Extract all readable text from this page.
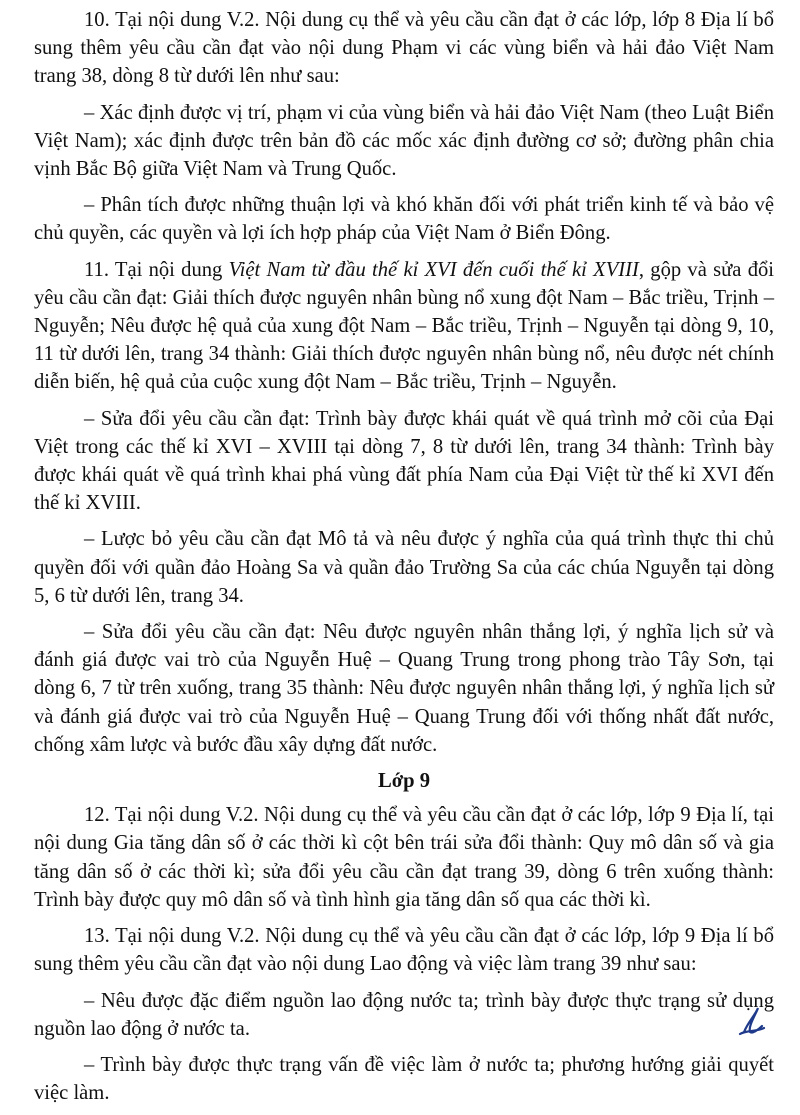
10. Tại nội dung V.2. Nội dung cụ thể và yêu cầu cần đạt ở các lớp, lớp 8 Địa lí bổ sung thêm yêu cầu cần đạt vào nội dung Phạm vi các vùng biển và hải đảo Việt Nam trang 38, dòng 8 từ dưới lên như sau:

– Xác định được vị trí, phạm vi của vùng biển và hải đảo Việt Nam (theo Luật Biển Việt Nam); xác định được trên bản đồ các mốc xác định đường cơ sở; đường phân chia vịnh Bắc Bộ giữa Việt Nam và Trung Quốc.

– Phân tích được những thuận lợi và khó khăn đối với phát triển kinh tế và bảo vệ chủ quyền, các quyền và lợi ích hợp pháp của Việt Nam ở Biển Đông.

11. Tại nội dung Việt Nam từ đầu thế kỉ XVI đến cuối thế kỉ XVIII, gộp và sửa đổi yêu cầu cần đạt: Giải thích được nguyên nhân bùng nổ xung đột Nam – Bắc triều, Trịnh – Nguyễn; Nêu được hệ quả của xung đột Nam – Bắc triều, Trịnh – Nguyễn tại dòng 9, 10, 11 từ dưới lên, trang 34 thành: Giải thích được nguyên nhân bùng nổ, nêu được nét chính diễn biến, hệ quả của cuộc xung đột Nam – Bắc triều, Trịnh – Nguyễn.

– Sửa đổi yêu cầu cần đạt: Trình bày được khái quát về quá trình mở cõi của Đại Việt trong các thế kỉ XVI – XVIII tại dòng 7, 8 từ dưới lên, trang 34 thành: Trình bày được khái quát về quá trình khai phá vùng đất phía Nam của Đại Việt từ thế kỉ XVI đến thế kỉ XVIII.

– Lược bỏ yêu cầu cần đạt Mô tả và nêu được ý nghĩa của quá trình thực thi chủ quyền đối với quần đảo Hoàng Sa và quần đảo Trường Sa của các chúa Nguyễn tại dòng 5, 6 từ dưới lên, trang 34.

– Sửa đổi yêu cầu cần đạt: Nêu được nguyên nhân thắng lợi, ý nghĩa lịch sử và đánh giá được vai trò của Nguyễn Huệ – Quang Trung trong phong trào Tây Sơn, tại dòng 6, 7 từ trên xuống, trang 35 thành: Nêu được nguyên nhân thắng lợi, ý nghĩa lịch sử và đánh giá được vai trò của Nguyễn Huệ – Quang Trung đối với thống nhất đất nước, chống xâm lược và bước đầu xây dựng đất nước.

Lớp 9

12. Tại nội dung V.2. Nội dung cụ thể và yêu cầu cần đạt ở các lớp, lớp 9 Địa lí, tại nội dung Gia tăng dân số ở các thời kì cột bên trái sửa đổi thành: Quy mô dân số và gia tăng dân số ở các thời kì; sửa đổi yêu cầu cần đạt trang 39, dòng 6 trên xuống thành: Trình bày được quy mô dân số và tình hình gia tăng dân số qua các thời kì.

13. Tại nội dung V.2. Nội dung cụ thể và yêu cầu cần đạt ở các lớp, lớp 9 Địa lí bổ sung thêm yêu cầu cần đạt vào nội dung Lao động và việc làm trang 39 như sau:

– Nêu được đặc điểm nguồn lao động nước ta; trình bày được thực trạng sử dụng nguồn lao động ở nước ta.

– Trình bày được thực trạng vấn đề việc làm ở nước ta; phương hướng giải quyết việc làm.
